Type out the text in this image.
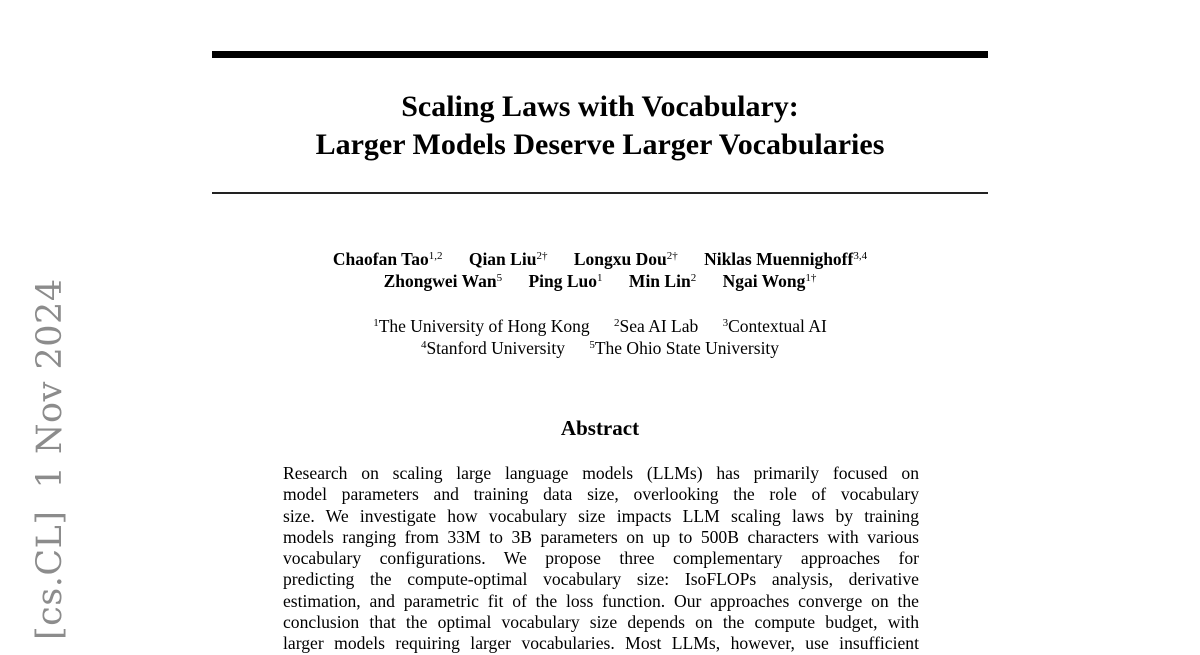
[cs.CL]1 Nov 2024
Scaling Laws with Vocabulary:
Larger Models Deserve Larger Vocabularies
Chaofan Tao$^{1,2}$ Qian Liu$^{2\dagger}$ Longxu Dou$^{2\dagger}$ Niklas Muennighoff$^{3,4}$
Zhongwei Wan$^5$ Ping Luo$^1$ Min Lin$^2$ Ngai Wong$^{1\dagger}$
$^1$The University of Hong Kong $^2$Sea AI Lab $^3$Contextual AI
$^4$Stanford University $^5$The Ohio State University
Abstract
Research on scaling large language models (LLMs) has primarily focused on
model parameters and training data size, overlooking the role of vocabulary
size. We investigate how vocabulary size impacts LLM scaling laws by training
models ranging from 33M to 3B parameters on up to 500B characters with various
vocabulary configurations. We propose three complementary approaches for
predicting the compute-optimal vocabulary size: IsoFLOPs analysis, derivative
estimation, and parametric fit of the loss function. Our approaches converge on the
conclusion that the optimal vocabulary size depends on the compute budget, with
larger models requiring larger vocabularies. Most LLMs, however, use insufficient
